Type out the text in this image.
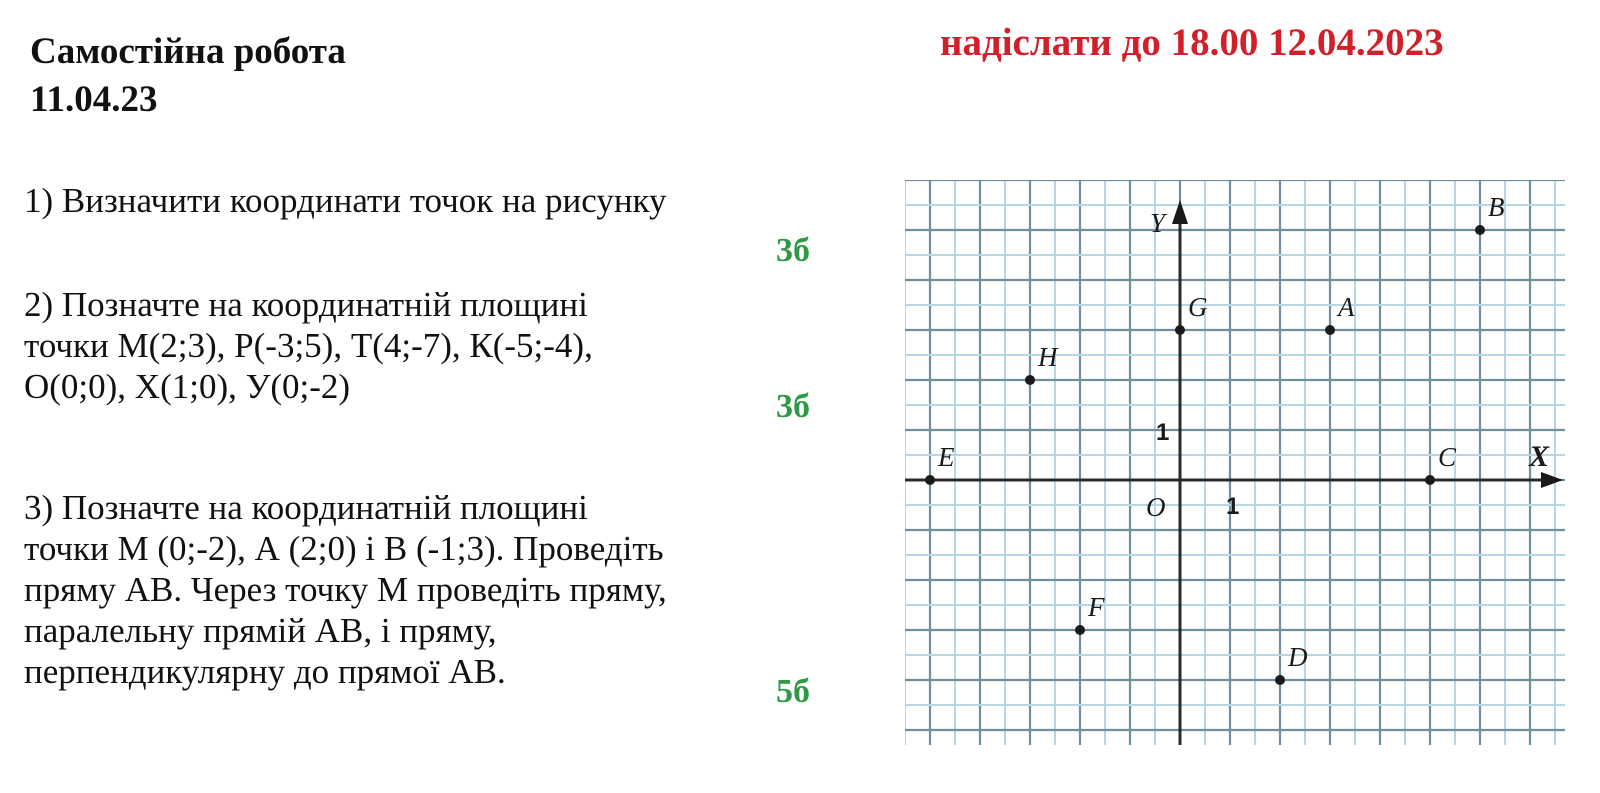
Самостійна робота
11.04.23
надіслати до 18.00 12.04.2023
1) Визначити координати точок на рисунку
3б
2) Позначте на координатній площині
точки М(2;3), Р(-3;5), Т(4;-7), К(-5;-4),
О(0;0), Х(1;0), У(0;-2)
3б
3) Позначте на координатній площині
точки М (0;-2), А (2;0) і В (-1;3). Проведіть
пряму АВ. Через точку М проведіть пряму,
паралельну прямій АВ, і пряму,
перпендикулярну до прямої АВ.
5б
X
Y
O	1
1
A
B
C
D
E
F
G
H
